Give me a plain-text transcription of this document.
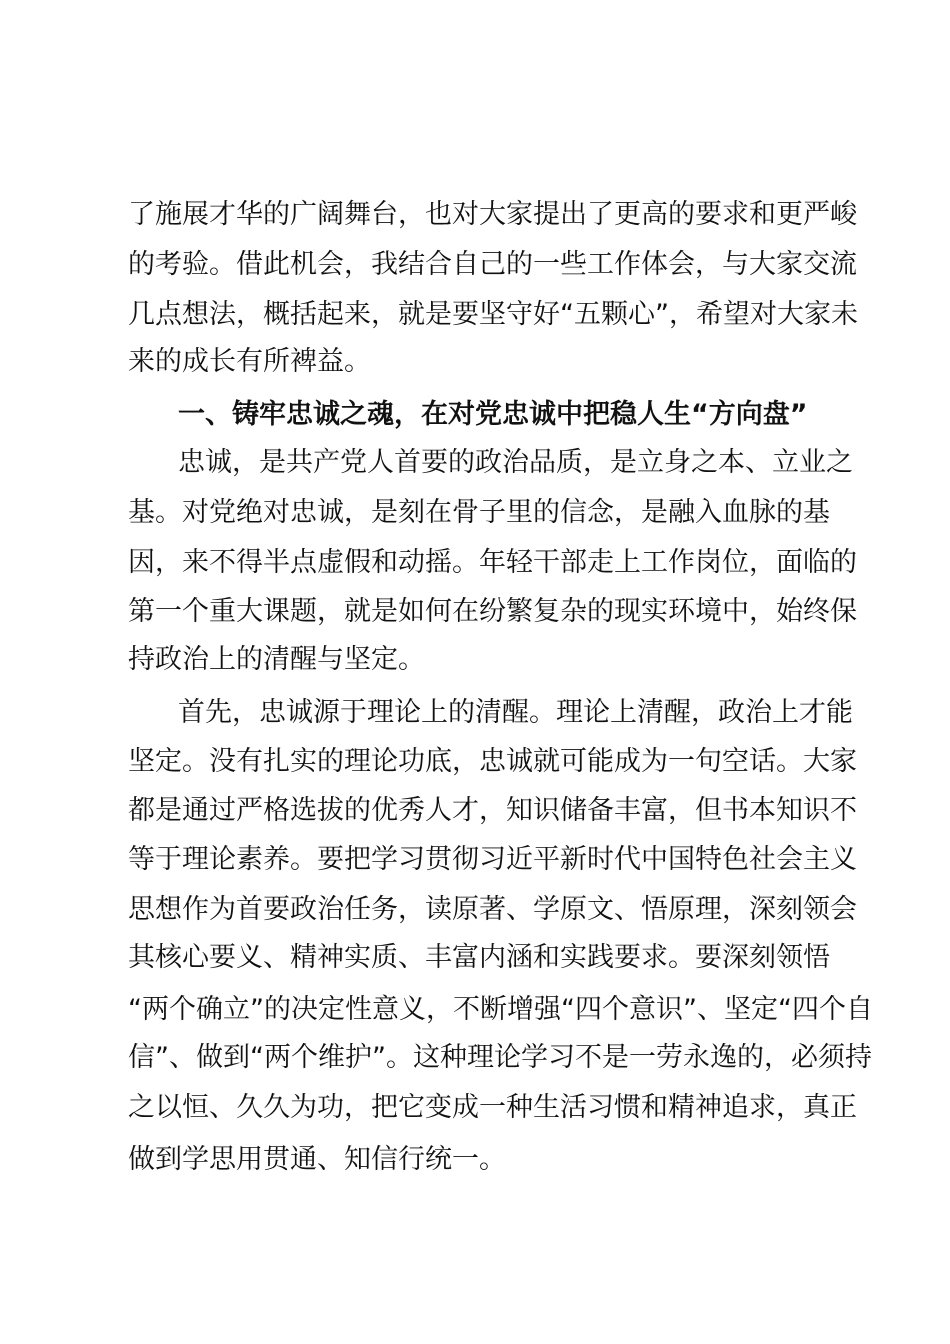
了施展才华的广阔舞台，也对大家提出了更高的要求和更严峻
的考验。借此机会，我结合自己的一些工作体会，与大家交流
几点想法，概括起来，就是要坚守好“五颗心”，希望对大家未
来的成长有所裨益。
一、铸牢忠诚之魂，在对党忠诚中把稳人生“方向盘”
忠诚，是共产党人首要的政治品质，是立身之本、立业之
基。对党绝对忠诚，是刻在骨子里的信念，是融入血脉的基
因，来不得半点虚假和动摇。年轻干部走上工作岗位，面临的
第一个重大课题，就是如何在纷繁复杂的现实环境中，始终保
持政治上的清醒与坚定。
首先，忠诚源于理论上的清醒。理论上清醒，政治上才能
坚定。没有扎实的理论功底，忠诚就可能成为一句空话。大家
都是通过严格选拔的优秀人才，知识储备丰富，但书本知识不
等于理论素养。要把学习贯彻习近平新时代中国特色社会主义
思想作为首要政治任务，读原著、学原文、悟原理，深刻领会
其核心要义、精神实质、丰富内涵和实践要求。要深刻领悟
“两个确立”的决定性意义，不断增强“四个意识”、坚定“四个自
信”、做到“两个维护”。这种理论学习不是一劳永逸的，必须持
之以恒、久久为功，把它变成一种生活习惯和精神追求，真正
做到学思用贯通、知信行统一。
